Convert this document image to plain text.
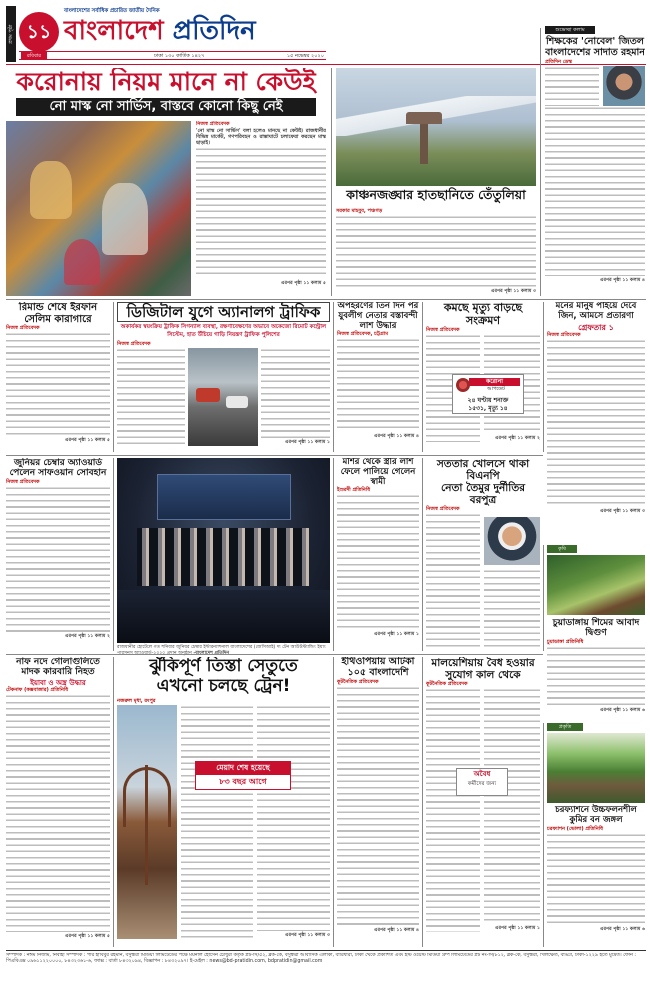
প্রথম পৃষ্ঠা ১১
বাংলাদেশের সর্বাধিক প্রচারিত জাতীয় দৈনিক
বাংলাদেশ প্রতিদিন
রবিবার	ঢাকা ১৩০ কার্তিক ১৪২৭	১৫ নভেম্বর ২০২০
করোনায় নিয়ম মানে না কেউই
নো মাস্ক নো সার্ভিস, বাস্তবে কোনো কিছু নেই
নিজস্ব প্রতিবেদক
'নো মাস্ক নো সার্ভিস' বলা হলেও মানছে না কেউই। রাজধানীর বিভিন্ন মার্কেট, গণপরিবহন ও রাস্তাঘাটে চলাফেরা করছেন মাস্ক ছাড়াই।
এরপর পৃষ্ঠা ১১ কলাম ৫
কাঞ্চনজঙ্ঘার হাতছানিতে তেঁতুলিয়া
সরকার মাহবুব, পঞ্চগড়
এরপর পৃষ্ঠা ১১ কলাম ৩
শুভেচ্ছা কলাম
শিক্ষকের 'নোবেল' জিতল বাংলাদেশের সাদাত রহমান
প্রতিদিন ডেস্ক
এরপর পৃষ্ঠা ১১ কলাম ৪
রিমান্ড শেষে ইরফান সেলিম কারাগারে
নিজস্ব প্রতিবেদক
এরপর পৃষ্ঠা ১১ কলাম ৫
ডিজিটাল যুগে অ্যানালগ ট্রাফিক
অকার্যকর স্বয়ংক্রিয় ট্রাফিক সিগন্যাল ব্যবস্থা, রক্ষণাবেক্ষণের অভাবে অকেজো রিমোট কন্ট্রোল সিস্টেম, হাত উঁচিয়ে গাড়ি নিয়ন্ত্রণ ট্রাফিক পুলিশের
নিজস্ব প্রতিবেদক
এরপর পৃষ্ঠা ১১ কলাম ১
অপহরণের তিন দিন পর যুবলীগ নেতার বস্তাবন্দী লাশ উদ্ধার
নিজস্ব প্রতিবেদক, চট্টগ্রাম
এরপর পৃষ্ঠা ১১ কলাম ৪
কমছে মৃত্যু বাড়ছে
সংক্রমণ
নিজস্ব প্রতিবেদক
করোনা
আপডেট
২৪ ঘণ্টায় শনাক্ত
১৫৩১, মৃত্যু ১৪
এরপর পৃষ্ঠা ১১ কলাম ২
মনের মানুষ পাইয়ে দেবে জিন, আমসে প্রতারণা
গ্রেফতার ১
নিজস্ব প্রতিবেদক
এরপর পৃষ্ঠা ১১ কলাম ৩
জুনিয়র চেম্বার অ্যাওয়ার্ড পেলেন সাফওয়ান সোবহান
নিজস্ব প্রতিবেদক
এরপর পৃষ্ঠা ১১ কলাম ২
রাজধানীর হোটেলে গত শনিবার জুনিয়র চেম্বার ইন্টারন্যাশনাল বাংলাদেশের (জেসিআই) দ্য টেন আউটস্ট্যান্ডিং ইয়াং পারসনস অ্যাওয়ার্ড-২০২০ প্রদান অনুষ্ঠান -বাংলাদেশ প্রতিদিন
মশির থেকে স্ত্রীর লাশ ফেলে পালিয়ে গেলেন স্বামী
ইশুরদী প্রতিনিধি
এরপর পৃষ্ঠা ১১ কলাম ১
সততার খোলসে থাকা বিএনপি
নেতা তৈমুর দুর্নীতির বরপুত্র
নিজস্ব প্রতিবেদক
কৃষি
চুয়াডাঙ্গায় শিমের আবাদ দ্বিগুণ
চুয়াডাঙ্গা প্রতিনিধি
এরপর পৃষ্ঠা ১১ কলাম ৬
নাফ নদে গোলাগুলিতে মাদক কারবারি নিহত
ইয়াবা ও অস্ত্র উদ্ধার
টেকনাফ (কক্সবাজার) প্রতিনিধি
এরপর পৃষ্ঠা ১১ কলাম ৫
ঝুঁকিপূর্ণ তিস্তা সেতুতে
এখনো চলছে ট্রেন!
নজরুল মৃধা, রংপুর
মেয়াদ শেষ হয়েছে
৮৩ বছর আগে
এরপর পৃষ্ঠা ১১ কলাম ৩
ইথিওপিয়ায় আটকা ১০৫ বাংলাদেশি
কূটনৈতিক প্রতিবেদক
এরপর পৃষ্ঠা ১১ কলাম ৪
মালয়েশিয়ায় বৈধ হওয়ার
সুযোগ কাল থেকে
কূটনৈতিক প্রতিবেদক
অবৈধ
কর্মীদের জন্য
এরপর পৃষ্ঠা ১১ কলাম ১
প্রকৃতি
চরফ্যাশনে উচ্চফলনশীল কুমির বন জঙ্গল
চরফ্যাশন (ভোলা) প্রতিনিধি
এরপর পৃষ্ঠা ১১ কলাম ৬
সম্পাদক : নঈম নিজাম, নির্বাহী সম্পাদক : পীর হাবিবুর রহমান, বসুন্ধরা মিডিয়া লিমিটেডের পক্ষে ময়নাল হোসেন চৌধুরী কর্তৃক প্লট-সি/৫২, ব্লক-কে, বসুন্ধরা আবাসিক এলাকা, বারিধারা, ঢাকা থেকে প্রকাশিত এবং ইস্ট ওয়েস্ট মিডিয়া গ্রুপ লিমিটেডের প্লট নং-সি/৮১২, ব্লক-কে, বসুন্ধরা, খিলক্ষেত, বাড্ডা, ঢাকা-১২২৯ হতে মুদ্রিত। ফোন : পিএবিএক্স ০৯৬১১২২০০০০, ৮৪৩২৩৬১-৬, ফ্যাক্স : বার্তা ৮৪৩২০৯৪, বিজ্ঞাপন : ৮৪৩২০৯৭। ই-মেইল : news@bd-pratidin.com, bdpratidin@gmail.com
